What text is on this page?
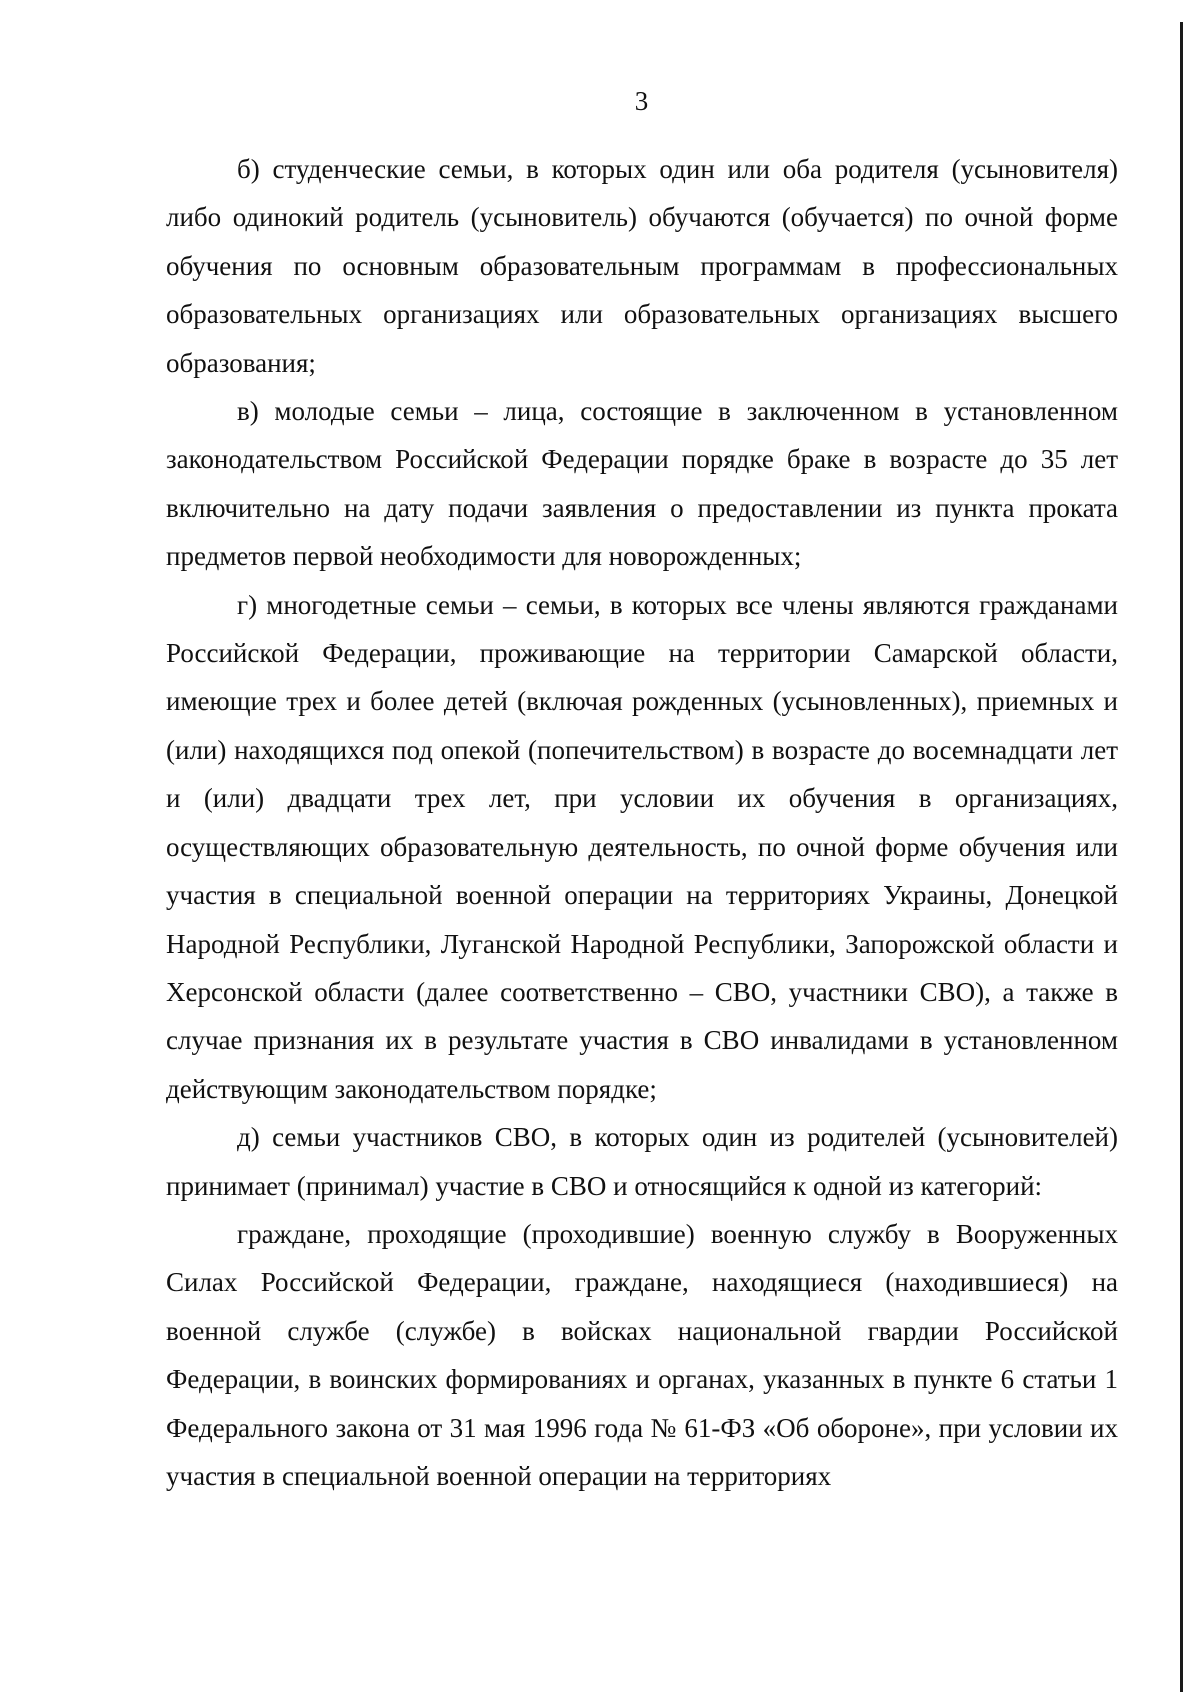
3

б) студенческие семьи, в которых один или оба родителя (усыновителя) либо одинокий родитель (усыновитель) обучаются (обучается) по очной форме обучения по основным образовательным программам в профессиональных образовательных организациях или образовательных организациях высшего образования;

в) молодые семьи – лица, состоящие в заключенном в установленном законодательством Российской Федерации порядке браке в возрасте до 35 лет включительно на дату подачи заявления о предоставлении из пункта проката предметов первой необходимости для новорожденных;

г) многодетные семьи – семьи, в которых все члены являются гражданами Российской Федерации, проживающие на территории Самарской области, имеющие трех и более детей (включая рожденных (усыновленных), приемных и (или) находящихся под опекой (попечительством) в возрасте до восемнадцати лет и (или) двадцати трех лет, при условии их обучения в организациях, осуществляющих образовательную деятельность, по очной форме обучения или участия в специальной военной операции на территориях Украины, Донецкой Народной Республики, Луганской Народной Республики, Запорожской области и Херсонской области (далее соответственно – СВО, участники СВО), а также в случае признания их в результате участия в СВО инвалидами в установленном действующим законодательством порядке;

д) семьи участников СВО, в которых один из родителей (усыновителей) принимает (принимал) участие в СВО и относящийся к одной из категорий:

граждане, проходящие (проходившие) военную службу в Вооруженных Силах Российской Федерации, граждане, находящиеся (находившиеся) на военной службе (службе) в войсках национальной гвардии Российской Федерации, в воинских формированиях и органах, указанных в пункте 6 статьи 1 Федерального закона от 31 мая 1996 года № 61-ФЗ «Об обороне», при условии их участия в специальной военной операции на территориях
